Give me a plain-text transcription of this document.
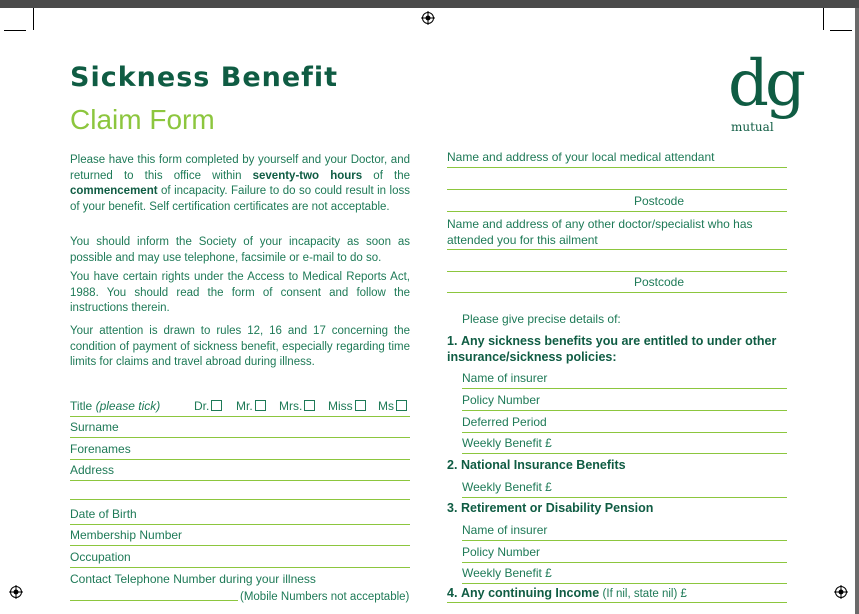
Sickness Benefit
Claim Form	dg
mutual

Please have this form completed by yourself and your Doctor, and returned to this office within seventy-two hours of the commencement of incapacity. Failure to do so could result in loss of your benefit. Self certification certificates are not acceptable.

You should inform the Society of your incapacity as soon as possible and may use telephone, facsimile or e-mail to do so.

You have certain rights under the Access to Medical Reports Act, 1988. You should read the form of consent and follow the instructions therein.

Your attention is drawn to rules 12, 16 and 17 concerning the condition of payment of sickness benefit, especially regarding time limits for claims and travel abroad during illness.

Title (please tick)	Dr.	Mr.	Mrs.	Miss	Ms
Surname
Forenames
Address
Date of Birth
Membership Number
Occupation
Contact Telephone Number during your illness
(Mobile Numbers not acceptable)
Name and address of your local medical attendant
Postcode
Name and address of any other doctor/specialist who has attended you for this ailment
Postcode
Please give precise details of:
1. Any sickness benefits you are entitled to under other insurance/sickness policies:
Name of insurer
Policy Number
Deferred Period
Weekly Benefit £
2. National Insurance Benefits
Weekly Benefit £
3. Retirement or Disability Pension
Name of insurer
Policy Number
Weekly Benefit £
4. Any continuing Income (If nil, state nil) £
